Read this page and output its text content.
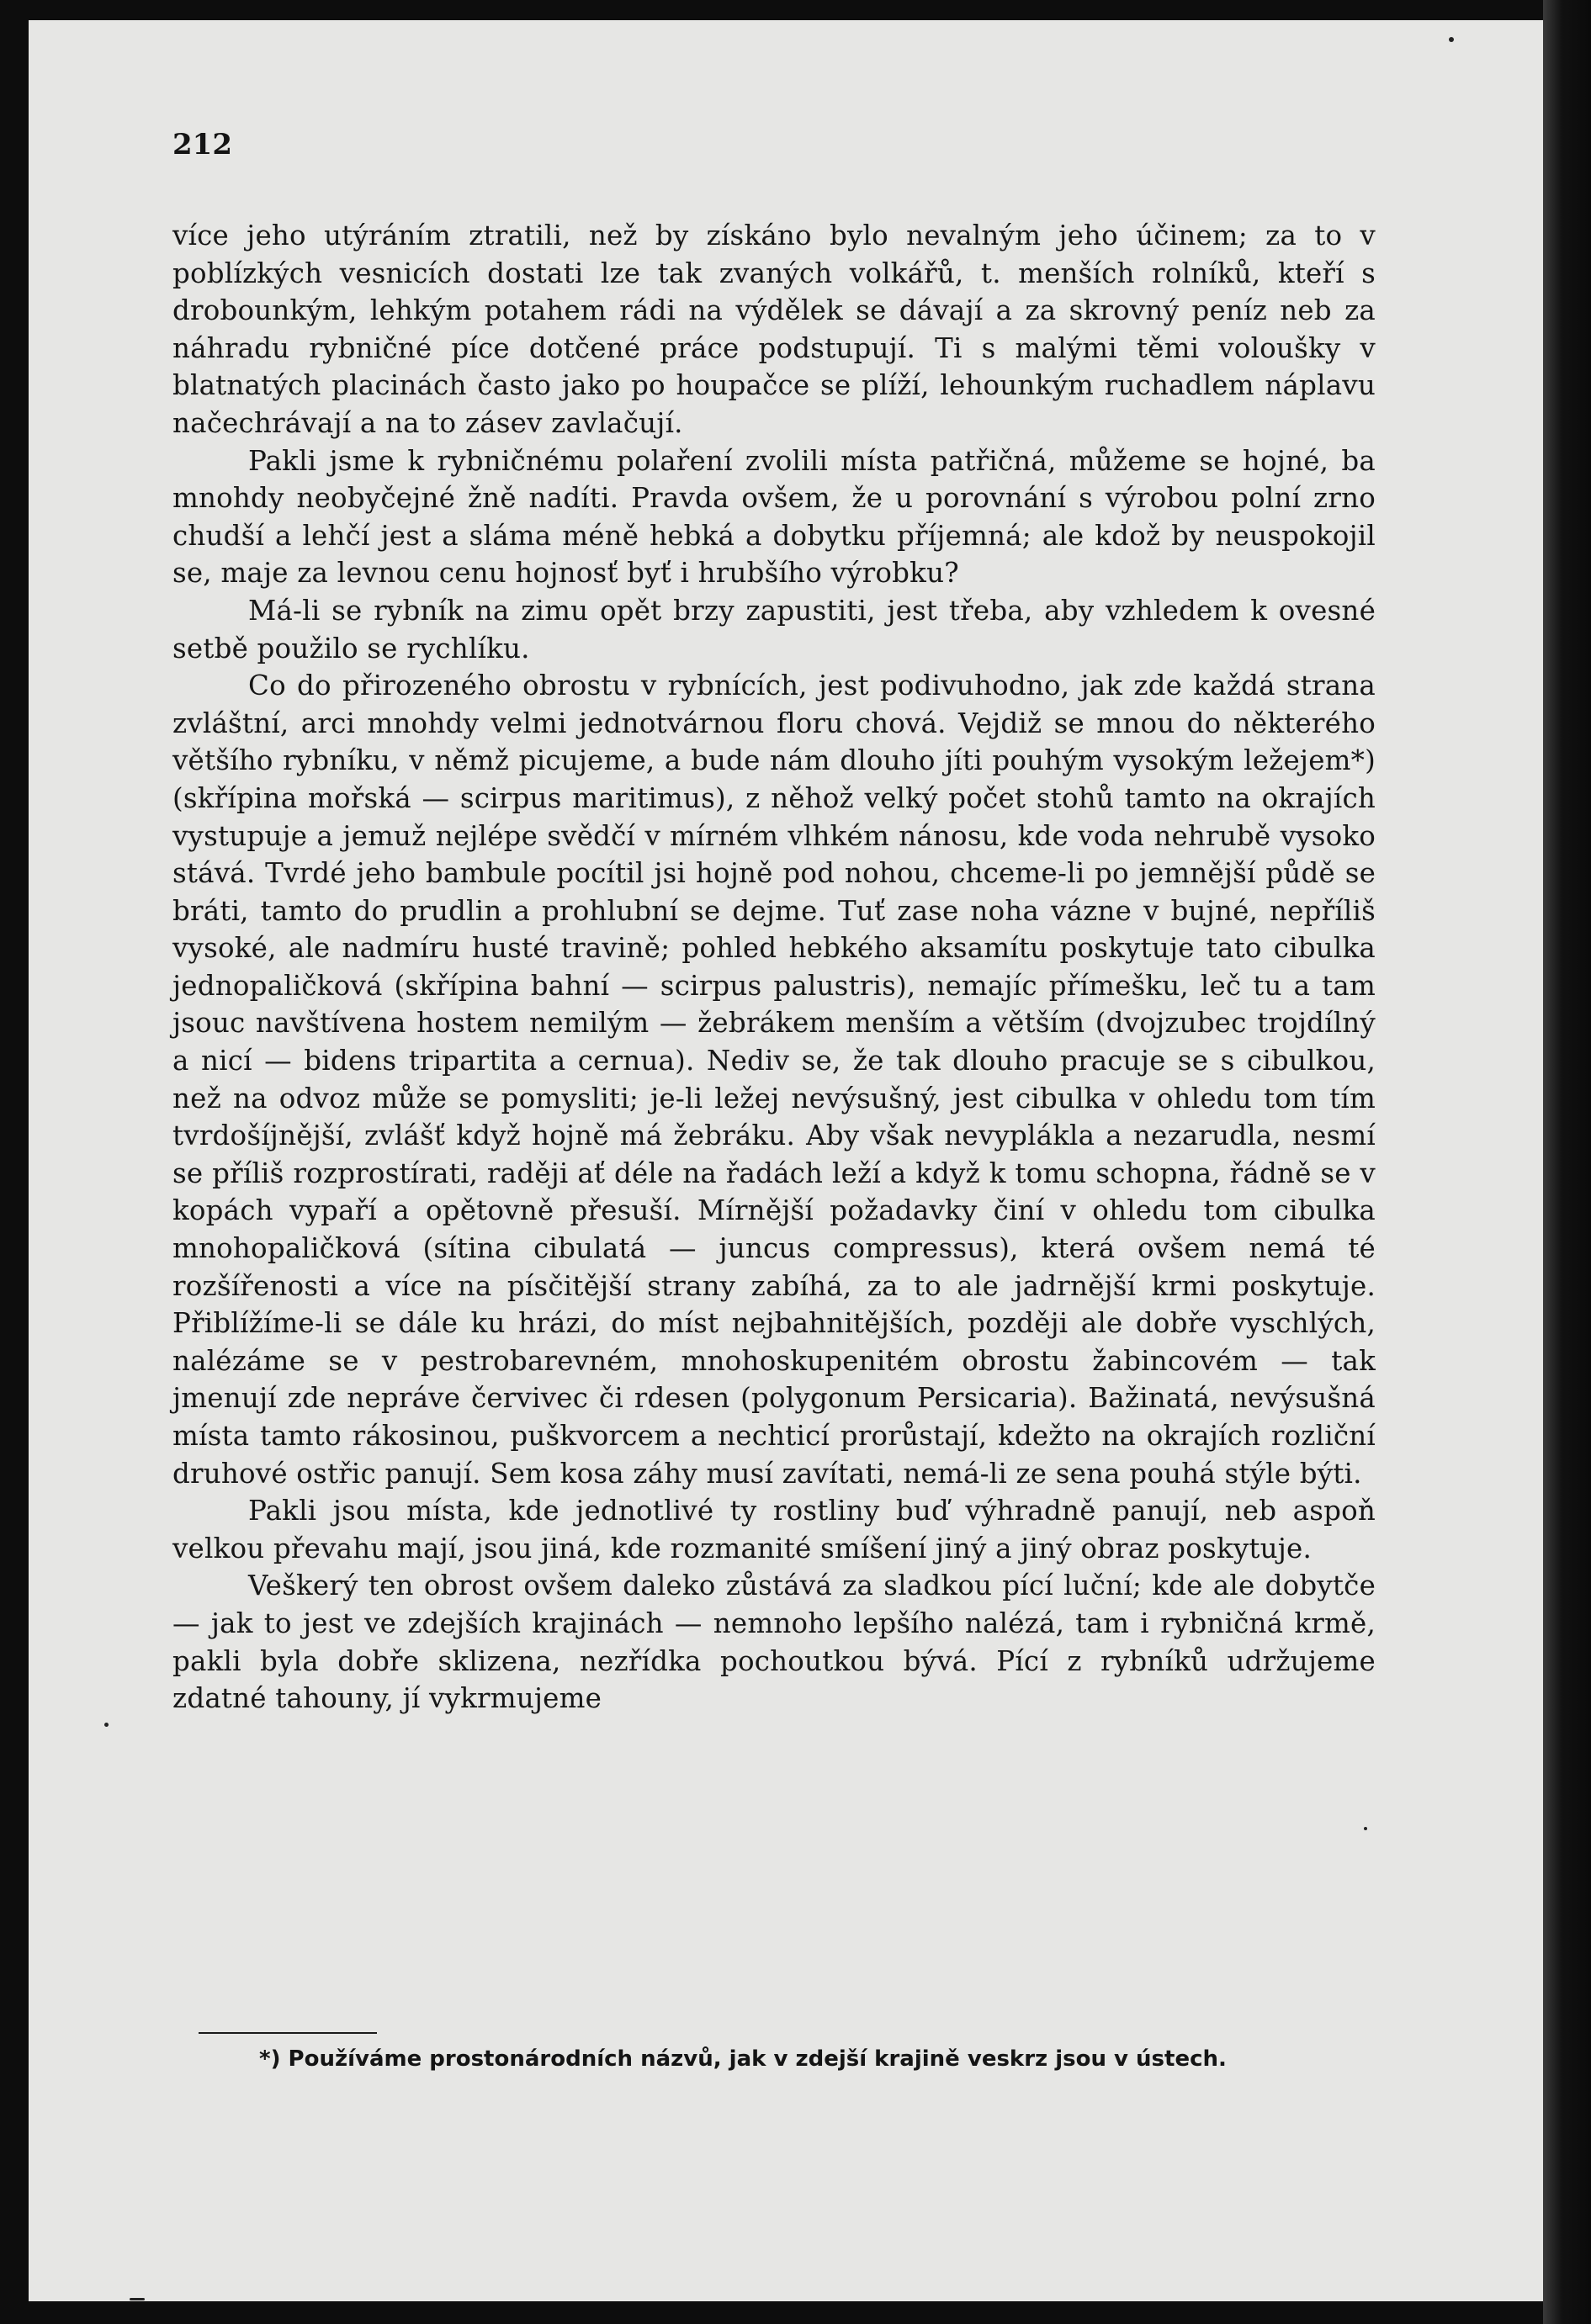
212

více jeho utýráním ztratili, než by získáno bylo nevalným jeho účinem; za to v poblízkých vesnicích dostati lze tak zvaných volkářů, t. menších rolníků, kteří s drobounkým, lehkým potahem rádi na výdělek se dávají a za skrovný peníz neb za náhradu rybničné píce dotčené práce podstupují. Ti s malými těmi voloušky v blatnatých placinách často jako po houpačce se plíží, lehounkým ruchadlem náplavu načechrávají a na to zásev zavlačují.

Pakli jsme k rybničnému polaření zvolili místa patřičná, můžeme se hojné, ba mnohdy neobyčejné žně nadíti. Pravda ovšem, že u porovnání s výrobou polní zrno chudší a lehčí jest a sláma méně hebká a dobytku příjemná; ale kdož by neuspokojil se, maje za levnou cenu hojnosť byť i hrubšího výrobku?

Má-li se rybník na zimu opět brzy zapustiti, jest třeba, aby vzhledem k ovesné setbě použilo se rychlíku.

Co do přirozeného obrostu v rybnících, jest podivuhodno, jak zde každá strana zvláštní, arci mnohdy velmi jednotvárnou floru chová. Vejdiž se mnou do některého většího rybníku, v němž picujeme, a bude nám dlouho jíti pouhým vysokým ležejem*) (skřípina mořská — scirpus maritimus), z něhož velký počet stohů tamto na okrajích vystupuje a jemuž nejlépe svědčí v mírném vlhkém nánosu, kde voda nehrubě vysoko stává. Tvrdé jeho bambule pocítil jsi hojně pod nohou, chceme-li po jemnější půdě se bráti, tamto do prudlin a prohlubní se dejme. Tuť zase noha vázne v bujné, nepříliš vysoké, ale nadmíru husté travině; pohled hebkého aksamítu poskytuje tato cibulka jednopaličková (skřípina bahní — scirpus palustris), nemajíc přímešku, leč tu a tam jsouc navštívena hostem nemilým — žebrákem menším a větším (dvojzubec trojdílný a nicí — bidens tripartita a cernua). Nediv se, že tak dlouho pracuje se s cibulkou, než na odvoz může se pomysliti; je-li ležej nevýsušný, jest cibulka v ohledu tom tím tvrdošíjnější, zvlášť když hojně má žebráku. Aby však nevyplákla a nezarudla, nesmí se příliš rozprostírati, raději ať déle na řadách leží a když k tomu schopna, řádně se v kopách vypaří a opětovně přesuší. Mírnější požadavky činí v ohledu tom cibulka mnohopaličková (sítina cibulatá — juncus compressus), která ovšem nemá té rozšířenosti a více na písčitější strany zabíhá, za to ale jadrnější krmi poskytuje. Přiblížíme-li se dále ku hrázi, do míst nejbahnitějších, později ale dobře vyschlých, nalézáme se v pestrobarevném, mnohoskupenitém obrostu žabincovém — tak jmenují zde nepráve červivec či rdesen (polygonum Persicaria). Bažinatá, nevýsušná místa tamto rákosinou, puškvorcem a nechticí prorůstají, kdežto na okrajích rozliční druhové ostřic panují. Sem kosa záhy musí zavítati, nemá-li ze sena pouhá stýle býti.

Pakli jsou místa, kde jednotlivé ty rostliny buď výhradně panují, neb aspoň velkou převahu mají, jsou jiná, kde rozmanité smíšení jiný a jiný obraz poskytuje.

Veškerý ten obrost ovšem daleko zůstává za sladkou pící luční; kde ale dobytče — jak to jest ve zdejších krajinách — nemnoho lepšího nalézá, tam i rybničná krmě, pakli byla dobře sklizena, nezřídka pochoutkou bývá. Pící z rybníků udržujeme zdatné tahouny, jí vykrmujeme

*) Používáme prostonárodních názvů, jak v zdejší krajině veskrz jsou v ústech.
